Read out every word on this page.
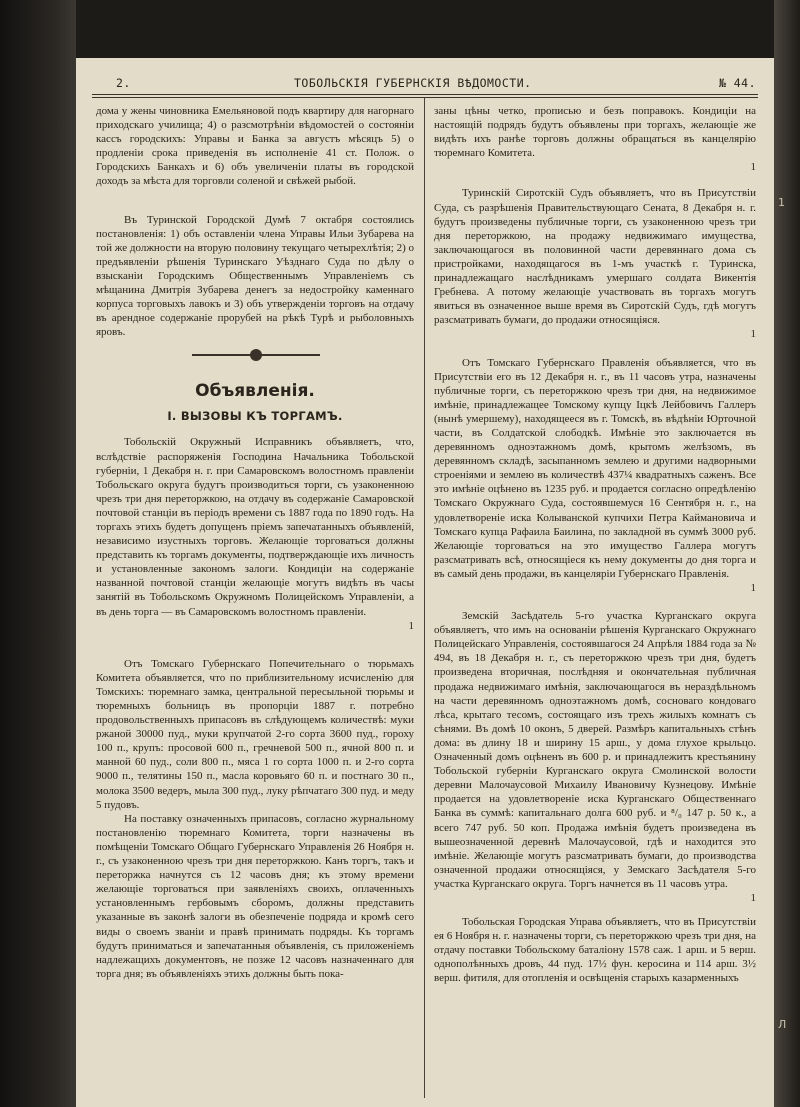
2.	ТОБОЛЬСКІЯ ГУБЕРНСКІЯ ВѢДОМОСТИ.	№ 44.

дома у жены чиновника Емельяновой подъ квартиру для нагорнаго приходскаго училища; 4) о разсмотрѣніи вѣдомостей о состояніи кассъ городскихъ: Управы и Банка за августъ мѣсяцъ 5) о продленіи срока приведенія въ исполненіе 41 ст. Полож. о Городскихъ Банкахъ и 6) объ увеличеніи платы въ городской доходъ за мѣста для торговли соленой и свѣжей рыбой.

Въ Туринской Городской Думѣ 7 октабря состоялись постановленія: 1) объ оставленіи члена Управы Ильи Зубарева на той же должности на вторую половину текущаго четырехлѣтія; 2) о предъявленіи рѣшенія Туринскаго Уѣзднаго Суда по дѣлу о взысканіи Городскимъ Общественнымъ Управленіемъ съ мѣщанина Дмитрія Зубарева денегъ за недостройку каменнаго корпуса торговыхъ лавокъ и 3) объ утвержденіи торговъ на отдачу въ арендное содержаніе прорубей на рѣкѣ Турѣ и рыболовныхъ яровъ.

Объявленія.
I. ВЫЗОВЫ КЪ ТОРГАМЪ.

Тобольскій Окружный Исправникъ объявляетъ, что, вслѣдствіе распоряженія Господина Начальника Тобольской губерніи, 1 Декабря н. г. при Самаровскомъ волостномъ правленіи Тобольскаго округа будутъ производиться торги, съ узаконенною чрезъ три дня переторжкою, на отдачу въ содержаніе Самаровской почтовой станціи въ періодъ времени съ 1887 года по 1890 годъ. На торгахъ этихъ будетъ допущенъ пріемъ запечатанныхъ объявленій, независимо изустныхъ торговъ. Желающіе торговаться должны представить къ торгамъ документы, подтверждающіе ихъ личность и установленные закономъ залоги. Кондиціи на содержаніе названной почтовой станціи желающіе могутъ видѣть въ часы занятій въ Тобольскомъ Окружномъ Полицейскомъ Управленіи, а въ день торга — въ Самаровскомъ волостномъ правленіи.

1

Отъ Томскаго Губернскаго Попечительнаго о тюрьмахъ Комитета объявляется, что по приблизительному исчисленію для Томскихъ: тюремнаго замка, центральной пересыльной тюрьмы и тюремныхъ больницъ въ пропорціи 1887 г. потребно продовольственныхъ припасовъ въ слѣдующемъ количествѣ: муки ржаной 30000 пуд., муки крупчатой 2-го сорта 3600 пуд., гороху 100 п., крупъ: просовой 600 п., гречневой 500 п., ячной 800 п. и манной 60 пуд., соли 800 п., мяса 1 го сорта 1000 п. и 2-го сорта 9000 п., телятины 150 п., масла коровьяго 60 п. и постнаго 30 п., молока 3500 ведеръ, мыла 300 пуд., луку рѣпчатаго 300 пуд. и меду 5 пудовъ.

На поставку означенныхъ припасовъ, согласно журнальному постановленію тюремнаго Комитета, торги назначены въ помѣщеніи Томскаго Общаго Губернскаго Управленія 26 Ноября н. г., съ узаконенною чрезъ три дня переторжкою. Канъ торгъ, такъ и переторжка начнутся съ 12 часовъ дня; къ этому времени желающіе торговаться при заявленіяхъ своихъ, оплаченныхъ установленнымъ гербовымъ сборомъ, должны представить указанные въ законѣ залоги въ обезпеченіе подряда и кромѣ сего виды о своемъ званіи и правѣ принимать подряды. Къ торгамъ будутъ приниматься и запечатанныя объявленія, съ приложеніемъ надлежащихъ документовъ, не позже 12 часовъ назначеннаго для торга дня; въ объявленіяхъ этихъ должны быть пока-

заны цѣны четко, прописью и безъ поправокъ. Кондиціи на настоящій подрядъ будутъ объявлены при торгахъ, желающіе же видѣть ихъ ранѣе торговъ должны обращаться въ канцелярію тюремнаго Комитета.

1

Туринскій Сиротскій Судъ объявляетъ, что въ Присутствіи Суда, съ разрѣшенія Правительствующаго Сената, 8 Декабря н. г. будутъ произведены публичные торги, съ узаконенною чрезъ три дня переторжкою, на продажу недвижимаго имущества, заключающагося въ половинной части деревяннаго дома съ пристройками, находящагося въ 1-мъ участкѣ г. Туринска, принадлежащаго наслѣдникамъ умершаго солдата Викентія Гребнева. А потому желающіе участвовать въ торгахъ могутъ явиться въ означенное выше время въ Сиротскій Судъ, гдѣ могутъ разсматривать бумаги, до продажи относящіяся.

1

Отъ Томскаго Губернскаго Правленія объявляется, что въ Присутствіи его въ 12 Декабря н. г., въ 11 часовъ утра, назначены публичные торги, съ переторжкою чрезъ три дня, на недвижимое имѣніе, принадлежащее Томскому купцу Іцкѣ Лейбовичъ Галлеръ (нынѣ умершему), находящееся въ г. Томскѣ, въ вѣдѣніи Юрточной части, въ Солдатской слободкѣ. Имѣніе это заключается въ деревянномъ одноэтажномъ домѣ, крытомъ желѣзомъ, въ деревянномъ складѣ, засыпанномъ землею и другими надворными строеніями и землею въ количествѣ 437¼ квадратныхъ саженъ. Все это имѣніе оцѣнено въ 1235 руб. и продается согласно опредѣленію Томскаго Окружнаго Суда, состоявшемуся 16 Сентября н. г., на удовлетвореніе иска Колыванской купчихи Петра Каймановича и Томскаго купца Рафаила Баилина, по закладной въ суммѣ 3000 руб. Желающіе торговаться на это имущество Галлера могутъ разсматривать всѣ, относящіеся къ нему документы до дня торга и въ самый день продажи, въ канцеляріи Губернскаго Правленія.

1

Земскій Засѣдатель 5-го участка Курганскаго округа объявляетъ, что имъ на основаніи рѣшенія Курганскаго Окружнаго Полицейскаго Управленія, состоявшагося 24 Апрѣля 1884 года за № 494, въ 18 Декабря н. г., съ переторжкою чрезъ три дня, будетъ произведена вторичная, послѣдняя и окончательная публичная продажа недвижимаго имѣнія, заключающагося въ нераздѣльномъ на части деревянномъ одноэтажномъ домѣ, сосноваго кондоваго лѣса, крытаго тесомъ, состоящаго изъ трехъ жилыхъ комнатъ съ сѣнями. Въ домѣ 10 оконъ, 5 дверей. Размѣръ капитальныхъ стѣнъ дома: въ длину 18 и ширину 15 арш., у дома глухое крыльцо. Означенный домъ оцѣненъ въ 600 р. и принадлежитъ крестьянину Тобольской губерніи Курганскаго округа Смолинской волости деревни Малочаусовой Михаилу Ивановичу Кузнецову. Имѣніе продается на удовлетвореніе иска Курганскаго Общественнаго Банка въ суммѣ: капитальнаго долга 600 руб. и ⁸/₀ 147 р. 50 к., а всего 747 руб. 50 коп. Продажа имѣнія будетъ произведена въ вышеозначенной деревнѣ Малочаусовой, гдѣ и находится это имѣніе. Желающіе могутъ разсматривать бумаги, до производства означенной продажи относящіяся, у Земскаго Засѣдателя 5-го участка Курганскаго округа. Торгъ начнется въ 11 часовъ утра.

1

Тобольская Городская Управа объявляетъ, что въ Присутствіи ея 6 Ноября н. г. назначены торги, съ переторжкою чрезъ три дня, на отдачу поставки Тобольскому баталіону 1578 саж. 1 арш. и 5 верш. однополѣнныхъ дровъ, 44 пуд. 17½ фун. керосина и 114 арш. 3½ верш. фитиля, для отопленія и освѣщенія старыхъ казарменныхъ

1
Л
